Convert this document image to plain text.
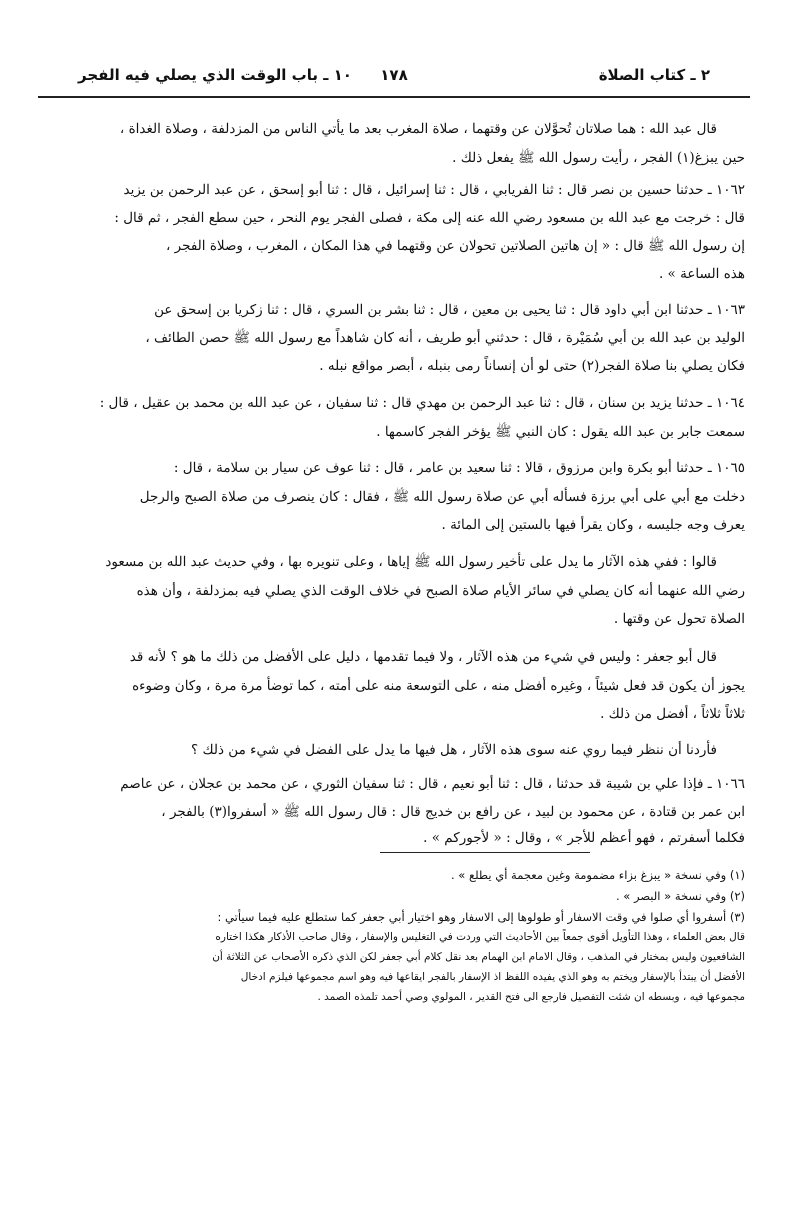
٢ ـ كتاب الصلاة
١٧٨
١٠ ـ باب الوقت الذي يصلي فيه الفجر
قال عبد الله : هما صلاتان تُحوَّلان عن وقتهما ، صلاة المغرب بعد ما يأتي الناس من المزدلفة ، وصلاة الغداة ،
حين يبزغ(١) الفجر ، رأيت رسول الله ﷺ يفعل ذلك .
١٠٦٢ ـ حدثنا حسين بن نصر قال : ثنا الفريابي ، قال : ثنا إسرائيل ، قال : ثنا أبو إسحق ، عن عبد الرحمن بن يزيد
قال : خرجت مع عبد الله بن مسعود رضي الله عنه إلى مكة ، فصلى الفجر يوم النحر ، حين سطع الفجر ، ثم قال :
إن رسول الله ﷺ قال : « إن هاتين الصلاتين تحولان عن وقتهما في هذا المكان ، المغرب ، وصلاة الفجر ،
هذه الساعة » .
١٠٦٣ ـ حدثنا ابن أبي داود قال : ثنا يحيى بن معين ، قال : ثنا بشر بن السري ، قال : ثنا زكريا بن إسحق عن
الوليد بن عبد الله بن أبي سُمَيْرة ، قال : حدثني أبو طريف ، أنه كان شاهداً مع رسول الله ﷺ حصن الطائف ،
فكان يصلي بنا صلاة الفجر(٢) حتى لو أن إنساناً رمى بنبله ، أبصر مواقع نبله .
١٠٦٤ ـ حدثنا يزيد بن سنان ، قال : ثنا عبد الرحمن بن مهدي قال : ثنا سفيان ، عن عبد الله بن محمد بن عقيل ، قال :
سمعت جابر بن عبد الله يقول : كان النبي ﷺ يؤخر الفجر كاسمها .
١٠٦٥ ـ حدثنا أبو بكرة وابن مرزوق ، قالا : ثنا سعيد بن عامر ، قال : ثنا عوف عن سيار بن سلامة ، قال :
دخلت مع أبي على أبي برزة فسأله أبي عن صلاة رسول الله ﷺ ، فقال : كان ينصرف من صلاة الصبح والرجل
يعرف وجه جليسه ، وكان يقرأ فيها بالستين إلى المائة .
قالوا : ففي هذه الآثار ما يدل على تأخير رسول الله ﷺ إياها ، وعلى تنويره بها ، وفي حديث عبد الله بن مسعود
رضي الله عنهما أنه كان يصلي في سائر الأيام صلاة الصبح في خلاف الوقت الذي يصلي فيه بمزدلفة ، وأن هذه
الصلاة تحول عن وقتها .
قال أبو جعفر : وليس في شيء من هذه الآثار ، ولا فيما تقدمها ، دليل على الأفضل من ذلك ما هو ؟ لأنه قد
يجوز أن يكون قد فعل شيئاً ، وغيره أفضل منه ، على التوسعة منه على أمته ، كما توضأ مرة مرة ، وكان وضوءه
ثلاثاً ثلاثاً ، أفضل من ذلك .
فأردنا أن ننظر فيما روي عنه سوى هذه الآثار ، هل فيها ما يدل على الفضل في شيء من ذلك ؟
١٠٦٦ ـ فإذا علي بن شيبة قد حدثنا ، قال : ثنا أبو نعيم ، قال : ثنا سفيان الثوري ، عن محمد بن عجلان ، عن عاصم
ابن عمر بن قتادة ، عن محمود بن لبيد ، عن رافع بن خديج قال : قال رسول الله ﷺ « أسفروا(٣) بالفجر ،
فكلما أسفرتم ، فهو أعظم للأجر » ، وقال : « لأجوركم » .
(١) وفي نسخة « يبزغ بزاء مضمومة وغين معجمة أي يطلع » .
(٢) وفي نسخة « البصر » .
(٣) أسفروا أي صلوا في وقت الاسفار أو طولوها إلى الاسفار وهو اختيار أبي جعفر كما ستطلع عليه فيما سيأتي :
قال بعض العلماء ، وهذا التأويل أقوى جمعاً بين الأحاديث التي وردت في التغليس والإسفار ، وقال صاحب الأذكار هكذا اختاره
الشافعيون وليس بمختار في المذهب ، وقال الامام ابن الهمام بعد نقل كلام أبي جعفر لكن الذي ذكره الأصحاب عن الثلاثة أن
الأفضل أن يبتدأ بالإسفار ويختم به وهو الذي يفيده اللفظ اذ الإسفار بالفجر ايقاعها فيه وهو اسم مجموعها فيلزم ادخال
مجموعها فيه ، وبسطه ان شئت التفصيل فارجع الى فتح القدير ، المولوي وصي أحمد تلمذه الصمد .
